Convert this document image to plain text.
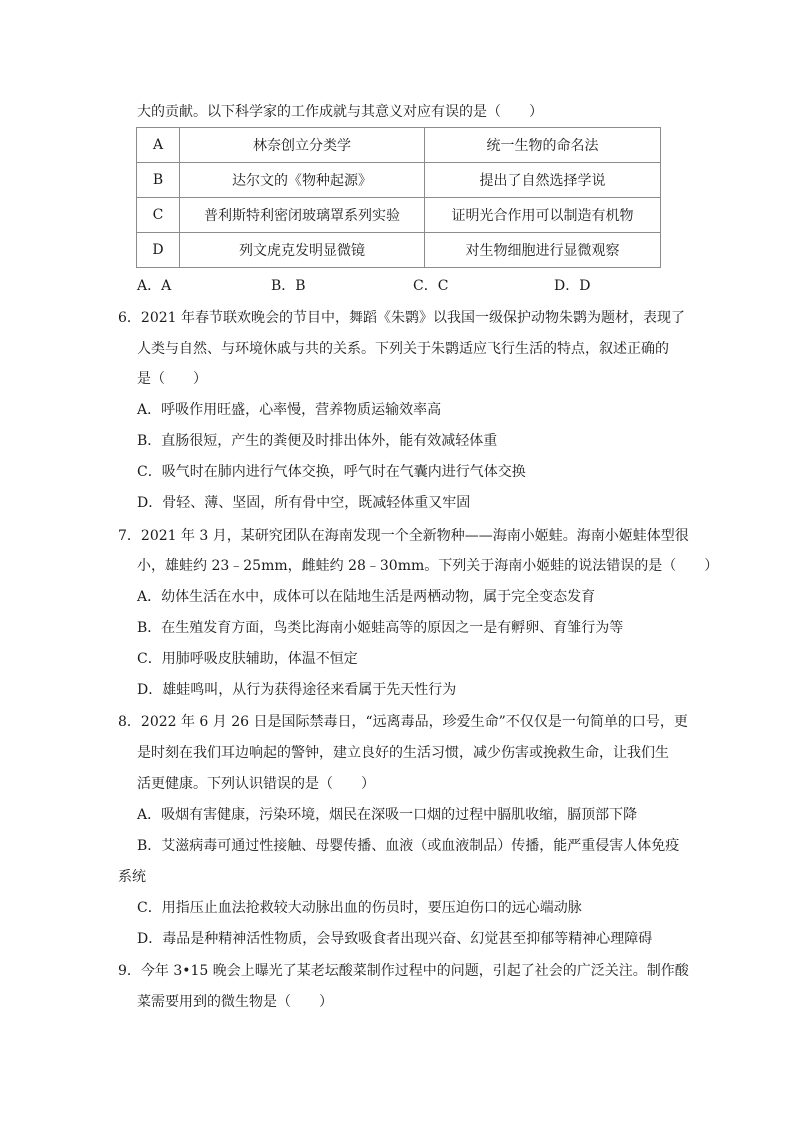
大的贡献。以下科学家的工作成就与其意义对应有误的是（　　）
A	林奈创立分类学	统一生物的命名法
B	达尔文的《物种起源》	提出了自然选择学说
C	普利斯特利密闭玻璃罩系列实验	证明光合作用可以制造有机物
D	列文虎克发明显微镜	对生物细胞进行显微观察
A．A	B．B	C．C	D．D
6．2021 年春节联欢晚会的节目中，舞蹈《朱鹮》以我国一级保护动物朱鹮为题材，表现了
人类与自然、与环境休戚与共的关系。下列关于朱鹮适应飞行生活的特点，叙述正确的
是（　　）
A．呼吸作用旺盛，心率慢，营养物质运输效率高
B．直肠很短，产生的粪便及时排出体外，能有效减轻体重
C．吸气时在肺内进行气体交换，呼气时在气囊内进行气体交换
D．骨轻、薄、坚固，所有骨中空，既减轻体重又牢固
7．2021 年 3 月，某研究团队在海南发现一个全新物种——海南小姬蛙。海南小姬蛙体型很
小，雄蛙约 23﹣25mm，雌蛙约 28﹣30mm。下列关于海南小姬蛙的说法错误的是（　　）
A．幼体生活在水中，成体可以在陆地生活是两栖动物，属于完全变态发育
B．在生殖发育方面，鸟类比海南小姬蛙高等的原因之一是有孵卵、育雏行为等
C．用肺呼吸皮肤辅助，体温不恒定
D．雄蛙鸣叫，从行为获得途径来看属于先天性行为
8．2022 年 6 月 26 日是国际禁毒日，“远离毒品，珍爱生命”不仅仅是一句简单的口号，更
是时刻在我们耳边响起的警钟，建立良好的生活习惯，减少伤害或挽救生命，让我们生
活更健康。下列认识错误的是（　　）
A．吸烟有害健康，污染环境，烟民在深吸一口烟的过程中膈肌收缩，膈顶部下降
B．艾滋病毒可通过性接触、母婴传播、血液（或血液制品）传播，能严重侵害人体免疫
系统
C．用指压止血法抢救较大动脉出血的伤员时，要压迫伤口的远心端动脉
D．毒品是种精神活性物质，会导致吸食者出现兴奋、幻觉甚至抑郁等精神心理障碍
9．今年 3•15 晚会上曝光了某老坛酸菜制作过程中的问题，引起了社会的广泛关注。制作酸
菜需要用到的微生物是（　　）
